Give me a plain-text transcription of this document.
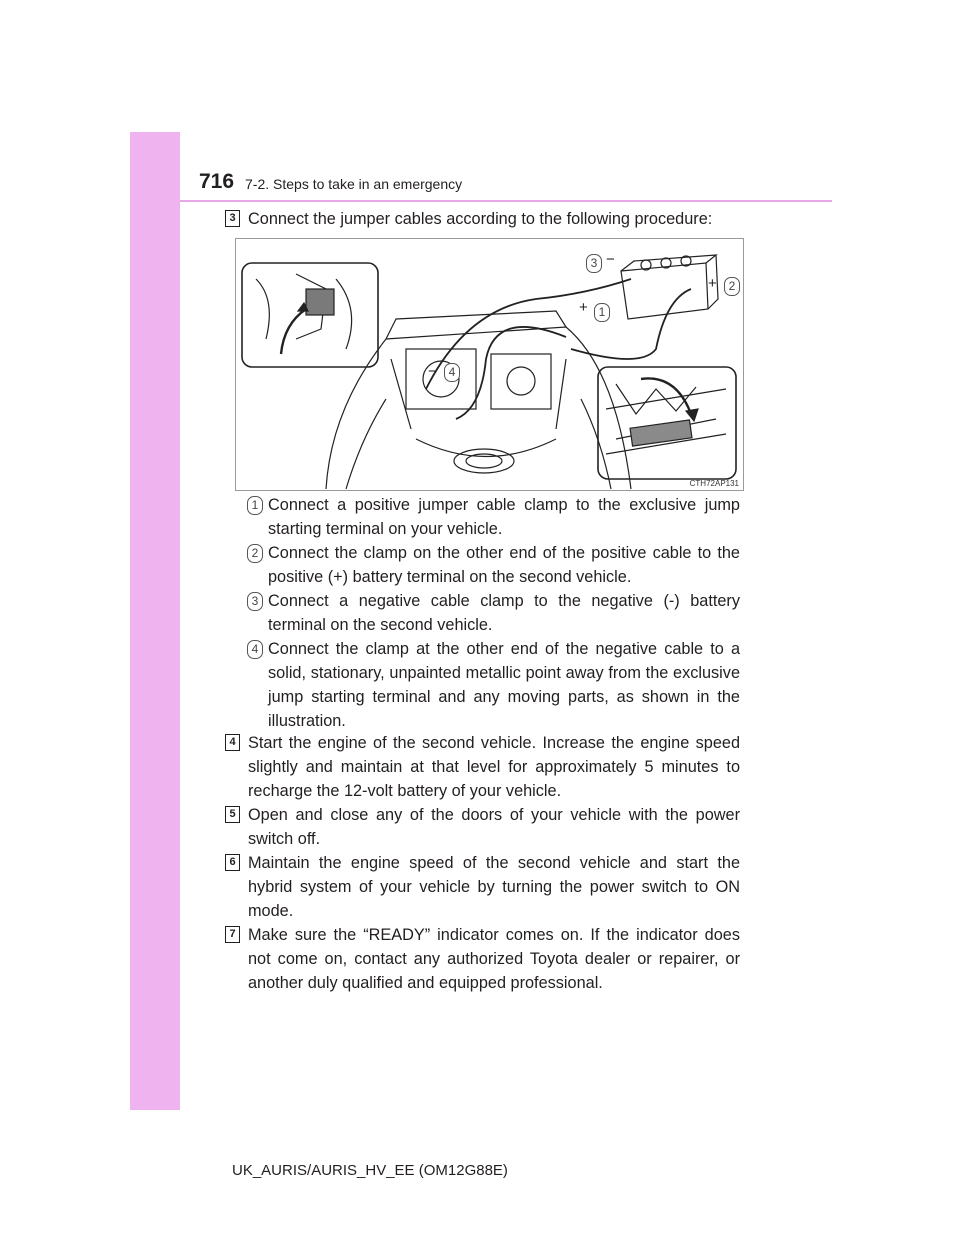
716 7-2. Steps to take in an emergency
3 Connect the jumper cables according to the following procedure:
+ 1
+ 2
3 −
− 4
CTH72AP131
1 Connect a positive jumper cable clamp to the exclusive jump starting terminal on your vehicle.
2 Connect the clamp on the other end of the positive cable to the positive (+) battery terminal on the second vehicle.
3 Connect a negative cable clamp to the negative (-) battery terminal on the second vehicle.
4 Connect the clamp at the other end of the negative cable to a solid, stationary, unpainted metallic point away from the exclusive jump starting terminal and any moving parts, as shown in the illustration.
4 Start the engine of the second vehicle. Increase the engine speed slightly and maintain at that level for approximately 5 minutes to recharge the 12-volt battery of your vehicle.
5 Open and close any of the doors of your vehicle with the power switch off.
6 Maintain the engine speed of the second vehicle and start the hybrid system of your vehicle by turning the power switch to ON mode.
7 Make sure the “READY” indicator comes on. If the indicator does not come on, contact any authorized Toyota dealer or repairer, or another duly qualified and equipped professional.
UK_AURIS/AURIS_HV_EE (OM12G88E)
